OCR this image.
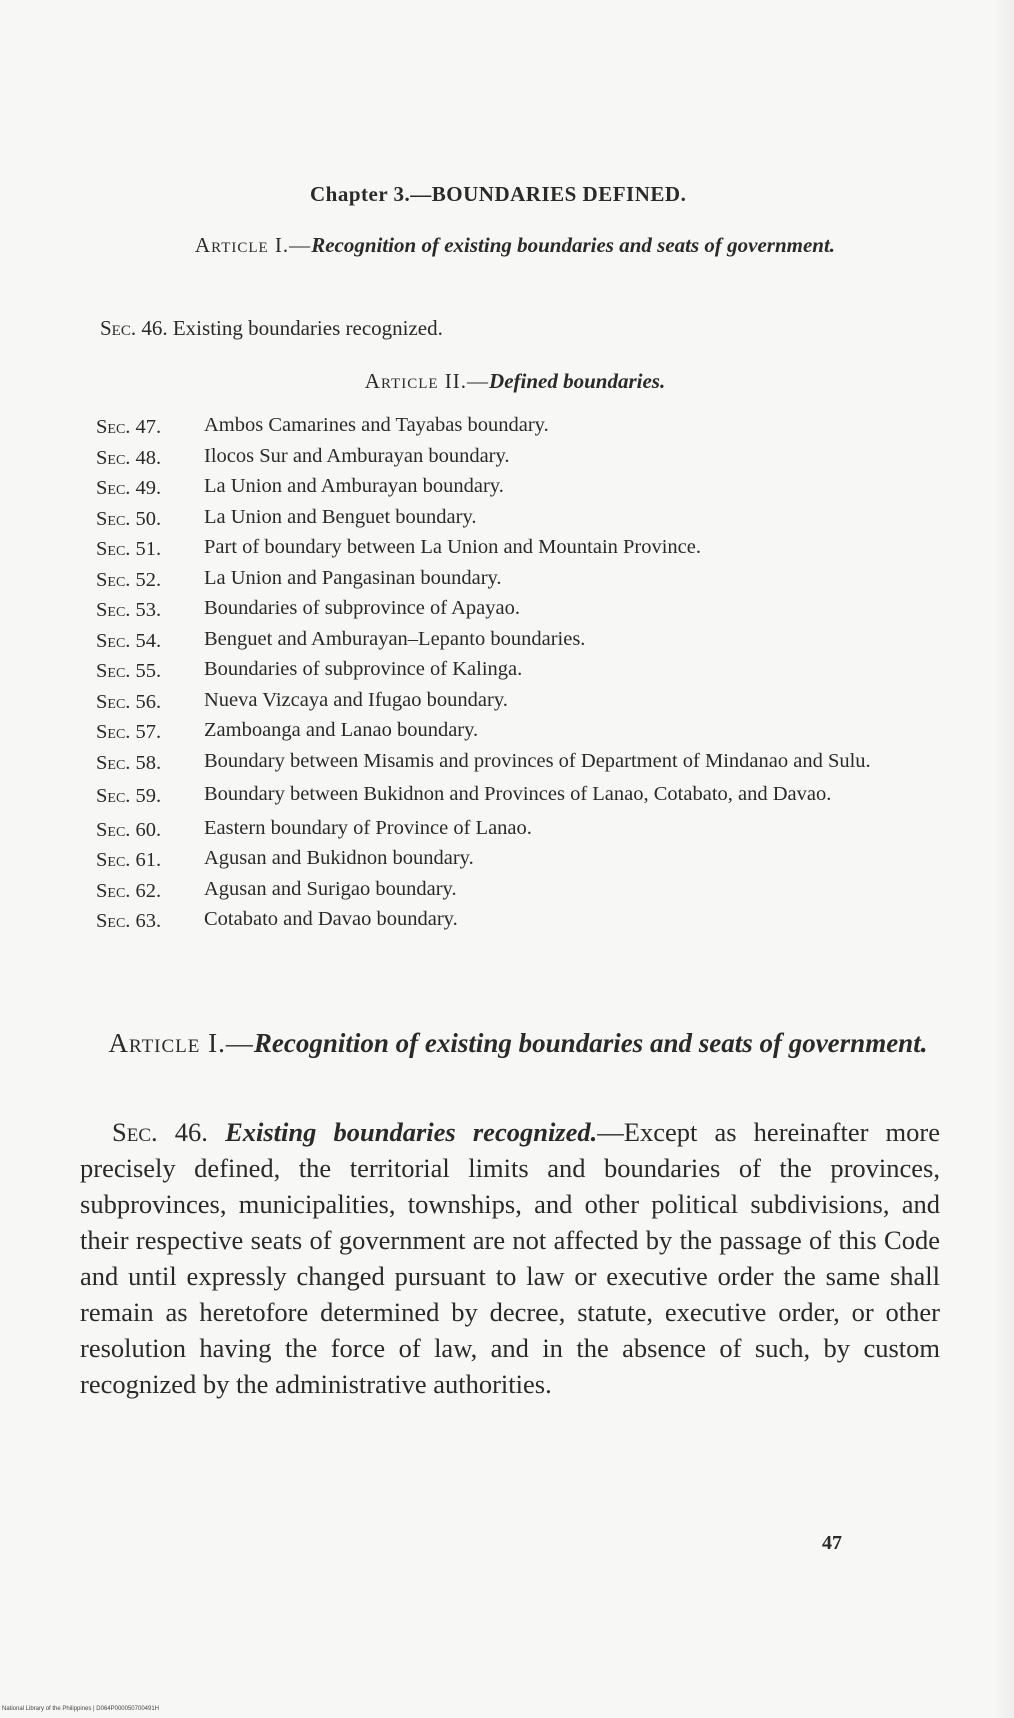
Chapter 3.—BOUNDARIES DEFINED.
Article I.—Recognition of existing boundaries and seats of government.
Sec. 46. Existing boundaries recognized.
Article II.—Defined boundaries.
Sec. 47.	Ambos Camarines and Tayabas boundary.
Sec. 48.	Ilocos Sur and Amburayan boundary.
Sec. 49.	La Union and Amburayan boundary.
Sec. 50.	La Union and Benguet boundary.
Sec. 51.	Part of boundary between La Union and Mountain Province.
Sec. 52.	La Union and Pangasinan boundary.
Sec. 53.	Boundaries of subprovince of Apayao.
Sec. 54.	Benguet and Amburayan–Lepanto boundaries.
Sec. 55.	Boundaries of subprovince of Kalinga.
Sec. 56.	Nueva Vizcaya and Ifugao boundary.
Sec. 57.	Zamboanga and Lanao boundary.
Sec. 58.	Boundary between Misamis and provinces of Department of Mindanao and Sulu.
Sec. 59.	Boundary between Bukidnon and Provinces of Lanao, Cotabato, and Davao.
Sec. 60.	Eastern boundary of Province of Lanao.
Sec. 61.	Agusan and Bukidnon boundary.
Sec. 62.	Agusan and Surigao boundary.
Sec. 63.	Cotabato and Davao boundary.
Article I.—Recognition of existing boundaries and seats of government.
Sec. 46. Existing boundaries recognized.—Except as hereinafter more precisely defined, the territorial limits and boundaries of the provinces, subprovinces, municipalities, townships, and other political subdivisions, and their respective seats of government are not affected by the passage of this Code and until expressly changed pursuant to law or executive order the same shall remain as heretofore determined by decree, statute, executive order, or other resolution having the force of law, and in the absence of such, by custom recognized by the administrative authorities.
47
National Library of the Philippines | D064P000050700491H
